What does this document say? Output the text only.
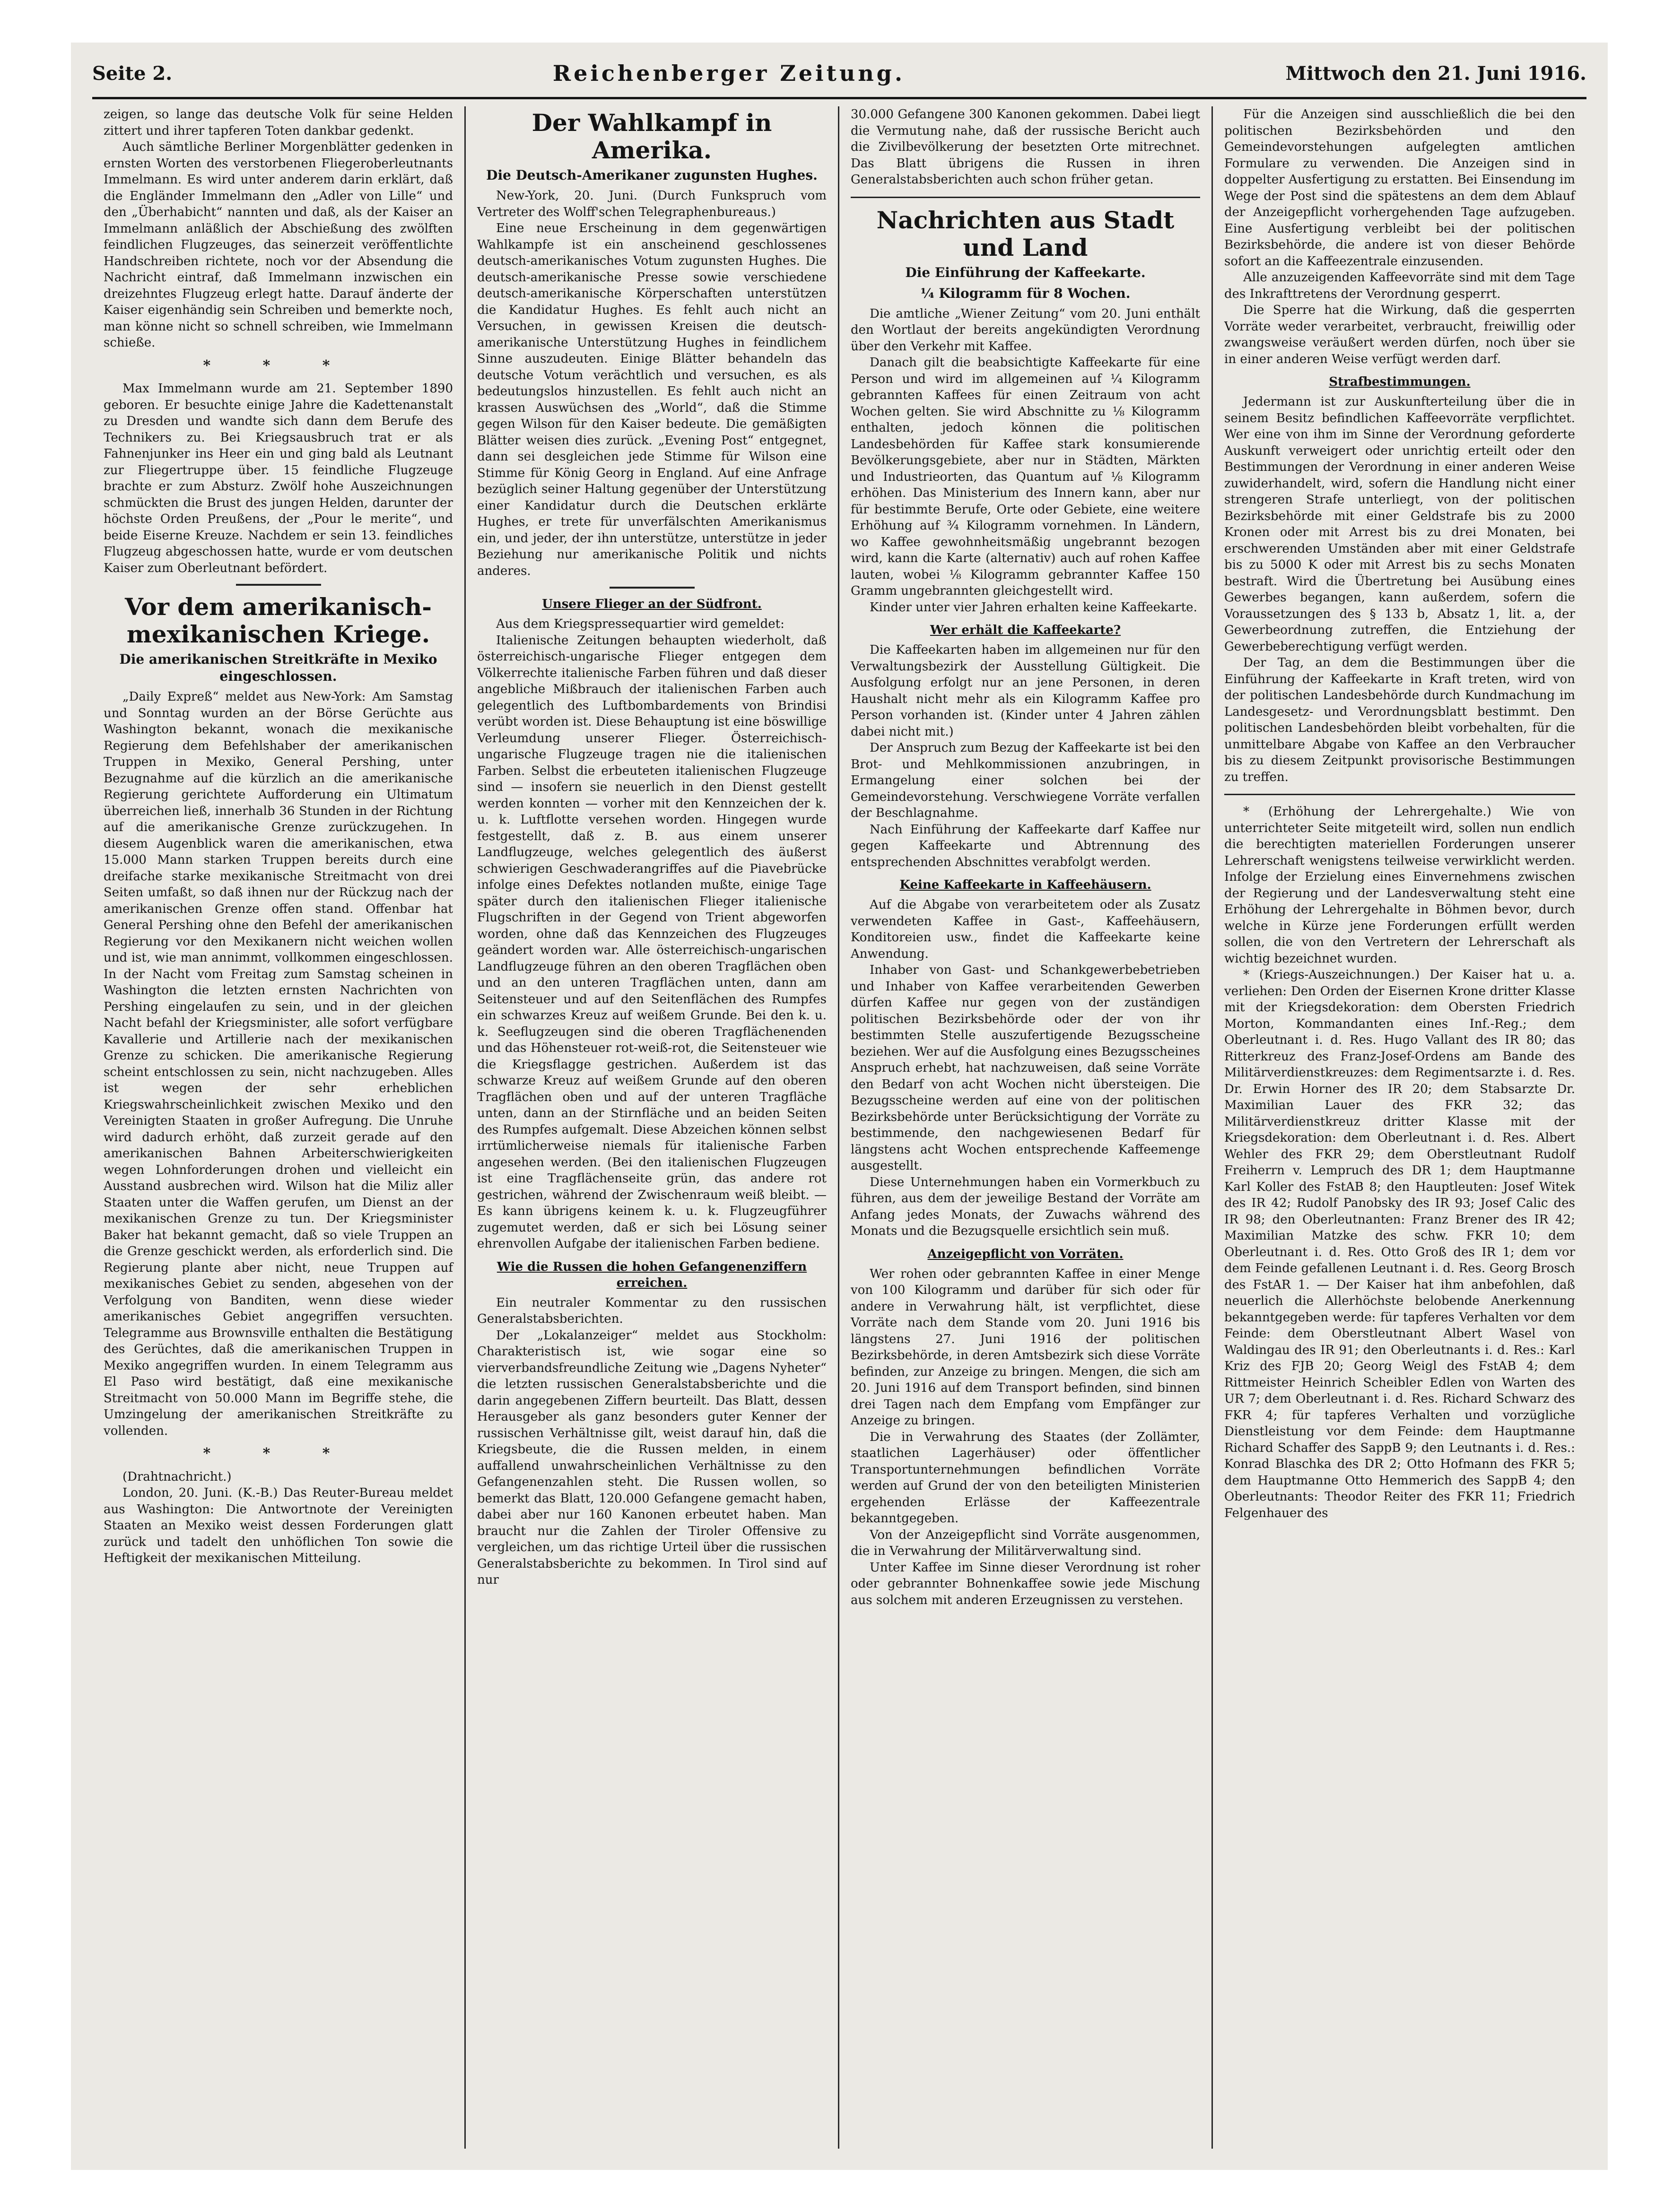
Seite 2.	Reichenberger Zeitung.	Mittwoch den 21. Juni 1916.

zeigen, so lange das deutsche Volk für seine Helden zittert und ihrer tapferen Toten dankbar gedenkt.

Auch sämtliche Berliner Morgenblätter gedenken in ernsten Worten des verstorbenen Fliegeroberleutnants Immelmann. Es wird unter anderem darin erklärt, daß die Engländer Immelmann den „Adler von Lille“ und den „Überhabicht“ nannten und daß, als der Kaiser an Immelmann anläßlich der Abschießung des zwölften feindlichen Flugzeuges, das seinerzeit veröffentlichte Handschreiben richtete, noch vor der Absendung die Nachricht eintraf, daß Immelmann inzwischen ein dreizehntes Flugzeug erlegt hatte. Darauf änderte der Kaiser eigenhändig sein Schreiben und bemerkte noch, man könne nicht so schnell schreiben, wie Immelmann schieße.

* * *

Max Immelmann wurde am 21. September 1890 geboren. Er besuchte einige Jahre die Kadettenanstalt zu Dresden und wandte sich dann dem Berufe des Technikers zu. Bei Kriegsausbruch trat er als Fahnenjunker ins Heer ein und ging bald als Leutnant zur Fliegertruppe über. 15 feindliche Flugzeuge brachte er zum Absturz. Zwölf hohe Auszeichnungen schmückten die Brust des jungen Helden, darunter der höchste Orden Preußens, der „Pour le merite“, und beide Eiserne Kreuze. Nachdem er sein 13. feindliches Flugzeug abgeschossen hatte, wurde er vom deutschen Kaiser zum Oberleutnant befördert.

Vor dem amerikanisch-mexikanischen Kriege.
Die amerikanischen Streitkräfte in Mexiko eingeschlossen.

„Daily Expreß“ meldet aus New-York: Am Samstag und Sonntag wurden an der Börse Gerüchte aus Washington bekannt, wonach die mexikanische Regierung dem Befehlshaber der amerikanischen Truppen in Mexiko, General Pershing, unter Bezugnahme auf die kürzlich an die amerikanische Regierung gerichtete Aufforderung ein Ultimatum überreichen ließ, innerhalb 36 Stunden in der Richtung auf die amerikanische Grenze zurückzugehen. In diesem Augenblick waren die amerikanischen, etwa 15.000 Mann starken Truppen bereits durch eine dreifache starke mexikanische Streitmacht von drei Seiten umfaßt, so daß ihnen nur der Rückzug nach der amerikanischen Grenze offen stand. Offenbar hat General Pershing ohne den Befehl der amerikanischen Regierung vor den Mexikanern nicht weichen wollen und ist, wie man annimmt, vollkommen eingeschlossen. In der Nacht vom Freitag zum Samstag scheinen in Washington die letzten ernsten Nachrichten von Pershing eingelaufen zu sein, und in der gleichen Nacht befahl der Kriegsminister, alle sofort verfügbare Kavallerie und Artillerie nach der mexikanischen Grenze zu schicken. Die amerikanische Regierung scheint entschlossen zu sein, nicht nachzugeben. Alles ist wegen der sehr erheblichen Kriegswahrscheinlichkeit zwischen Mexiko und den Vereinigten Staaten in großer Aufregung. Die Unruhe wird dadurch erhöht, daß zurzeit gerade auf den amerikanischen Bahnen Arbeiterschwierigkeiten wegen Lohnforderungen drohen und vielleicht ein Ausstand ausbrechen wird. Wilson hat die Miliz aller Staaten unter die Waffen gerufen, um Dienst an der mexikanischen Grenze zu tun. Der Kriegsminister Baker hat bekannt gemacht, daß so viele Truppen an die Grenze geschickt werden, als erforderlich sind. Die Regierung plante aber nicht, neue Truppen auf mexikanisches Gebiet zu senden, abgesehen von der Verfolgung von Banditen, wenn diese wieder amerikanisches Gebiet angegriffen versuchten. Telegramme aus Brownsville enthalten die Bestätigung des Gerüchtes, daß die amerikanischen Truppen in Mexiko angegriffen wurden. In einem Telegramm aus El Paso wird bestätigt, daß eine mexikanische Streitmacht von 50.000 Mann im Begriffe stehe, die Umzingelung der amerikanischen Streitkräfte zu vollenden.

* * *

(Drahtnachricht.)

London, 20. Juni. (K.-B.) Das Reuter-Bureau meldet aus Washington: Die Antwortnote der Vereinigten Staaten an Mexiko weist dessen Forderungen glatt zurück und tadelt den unhöflichen Ton sowie die Heftigkeit der mexikanischen Mitteilung.

Der Wahlkampf in Amerika.
Die Deutsch-Amerikaner zugunsten Hughes.

New-York, 20. Juni. (Durch Funkspruch vom Vertreter des Wolff'schen Telegraphenbureaus.)

Eine neue Erscheinung in dem gegenwärtigen Wahlkampfe ist ein anscheinend geschlossenes deutsch-amerikanisches Votum zugunsten Hughes. Die deutsch-amerikanische Presse sowie verschiedene deutsch-amerikanische Körperschaften unterstützen die Kandidatur Hughes. Es fehlt auch nicht an Versuchen, in gewissen Kreisen die deutsch-amerikanische Unterstützung Hughes in feindlichem Sinne auszudeuten. Einige Blätter behandeln das deutsche Votum verächtlich und versuchen, es als bedeutungslos hinzustellen. Es fehlt auch nicht an krassen Auswüchsen des „World“, daß die Stimme gegen Wilson für den Kaiser bedeute. Die gemäßigten Blätter weisen dies zurück. „Evening Post“ entgegnet, dann sei desgleichen jede Stimme für Wilson eine Stimme für König Georg in England. Auf eine Anfrage bezüglich seiner Haltung gegenüber der Unterstützung einer Kandidatur durch die Deutschen erklärte Hughes, er trete für unverfälschten Amerikanismus ein, und jeder, der ihn unterstütze, unterstütze in jeder Beziehung nur amerikanische Politik und nichts anderes.

Unsere Flieger an der Südfront.

Aus dem Kriegspressequartier wird gemeldet:

Italienische Zeitungen behaupten wiederholt, daß österreichisch-ungarische Flieger entgegen dem Völkerrechte italienische Farben führen und daß dieser angebliche Mißbrauch der italienischen Farben auch gelegentlich des Luftbombardements von Brindisi verübt worden ist. Diese Behauptung ist eine böswillige Verleumdung unserer Flieger. Österreichisch-ungarische Flugzeuge tragen nie die italienischen Farben. Selbst die erbeuteten italienischen Flugzeuge sind — insofern sie neuerlich in den Dienst gestellt werden konnten — vorher mit den Kennzeichen der k. u. k. Luftflotte versehen worden. Hingegen wurde festgestellt, daß z. B. aus einem unserer Landflugzeuge, welches gelegentlich des äußerst schwierigen Geschwaderangriffes auf die Piavebrücke infolge eines Defektes notlanden mußte, einige Tage später durch den italienischen Flieger italienische Flugschriften in der Gegend von Trient abgeworfen worden, ohne daß das Kennzeichen des Flugzeuges geändert worden war. Alle österreichisch-ungarischen Landflugzeuge führen an den oberen Tragflächen oben und an den unteren Tragflächen unten, dann am Seitensteuer und auf den Seitenflächen des Rumpfes ein schwarzes Kreuz auf weißem Grunde. Bei den k. u. k. Seeflugzeugen sind die oberen Tragflächenenden und das Höhensteuer rot-weiß-rot, die Seitensteuer wie die Kriegsflagge gestrichen. Außerdem ist das schwarze Kreuz auf weißem Grunde auf den oberen Tragflächen oben und auf der unteren Tragfläche unten, dann an der Stirnfläche und an beiden Seiten des Rumpfes aufgemalt. Diese Abzeichen können selbst irrtümlicherweise niemals für italienische Farben angesehen werden. (Bei den italienischen Flugzeugen ist eine Tragflächenseite grün, das andere rot gestrichen, während der Zwischenraum weiß bleibt. — Es kann übrigens keinem k. u. k. Flugzeugführer zugemutet werden, daß er sich bei Lösung seiner ehrenvollen Aufgabe der italienischen Farben bediene.

Wie die Russen die hohen Gefangenenziffern erreichen.

Ein neutraler Kommentar zu den russischen Generalstabsberichten.

Der „Lokalanzeiger“ meldet aus Stockholm: Charakteristisch ist, wie sogar eine so vierverbandsfreundliche Zeitung wie „Dagens Nyheter“ die letzten russischen Generalstabsberichte und die darin angegebenen Ziffern beurteilt. Das Blatt, dessen Herausgeber als ganz besonders guter Kenner der russischen Verhältnisse gilt, weist darauf hin, daß die Kriegsbeute, die die Russen melden, in einem auffallend unwahrscheinlichen Verhältnisse zu den Gefangenenzahlen steht. Die Russen wollen, so bemerkt das Blatt, 120.000 Gefangene gemacht haben, dabei aber nur 160 Kanonen erbeutet haben. Man braucht nur die Zahlen der Tiroler Offensive zu vergleichen, um das richtige Urteil über die russischen Generalstabsberichte zu bekommen. In Tirol sind auf nur

30.000 Gefangene 300 Kanonen gekommen. Dabei liegt die Vermutung nahe, daß der russische Bericht auch die Zivilbevölkerung der besetzten Orte mitrechnet. Das Blatt übrigens die Russen in ihren Generalstabsberichten auch schon früher getan.

Nachrichten aus Stadt und Land
Die Einführung der Kaffeekarte.
¼ Kilogramm für 8 Wochen.

Die amtliche „Wiener Zeitung“ vom 20. Juni enthält den Wortlaut der bereits angekündigten Verordnung über den Verkehr mit Kaffee.

Danach gilt die beabsichtigte Kaffeekarte für eine Person und wird im allgemeinen auf ¼ Kilogramm gebrannten Kaffees für einen Zeitraum von acht Wochen gelten. Sie wird Abschnitte zu ⅛ Kilogramm enthalten, jedoch können die politischen Landesbehörden für Kaffee stark konsumierende Bevölkerungsgebiete, aber nur in Städten, Märkten und Industrieorten, das Quantum auf ⅛ Kilogramm erhöhen. Das Ministerium des Innern kann, aber nur für bestimmte Berufe, Orte oder Gebiete, eine weitere Erhöhung auf ¾ Kilogramm vornehmen. In Ländern, wo Kaffee gewohnheitsmäßig ungebrannt bezogen wird, kann die Karte (alternativ) auch auf rohen Kaffee lauten, wobei ⅛ Kilogramm gebrannter Kaffee 150 Gramm ungebrannten gleichgestellt wird.

Kinder unter vier Jahren erhalten keine Kaffeekarte.

Wer erhält die Kaffeekarte?

Die Kaffeekarten haben im allgemeinen nur für den Verwaltungsbezirk der Ausstellung Gültigkeit. Die Ausfolgung erfolgt nur an jene Personen, in deren Haushalt nicht mehr als ein Kilogramm Kaffee pro Person vorhanden ist. (Kinder unter 4 Jahren zählen dabei nicht mit.)

Der Anspruch zum Bezug der Kaffeekarte ist bei den Brot- und Mehlkommissionen anzubringen, in Ermangelung einer solchen bei der Gemeindevorstehung. Verschwiegene Vorräte verfallen der Beschlagnahme.

Nach Einführung der Kaffeekarte darf Kaffee nur gegen Kaffeekarte und Abtrennung des entsprechenden Abschnittes verabfolgt werden.

Keine Kaffeekarte in Kaffeehäusern.

Auf die Abgabe von verarbeitetem oder als Zusatz verwendeten Kaffee in Gast-, Kaffeehäusern, Konditoreien usw., findet die Kaffeekarte keine Anwendung.

Inhaber von Gast- und Schankgewerbebetrieben und Inhaber von Kaffee verarbeitenden Gewerben dürfen Kaffee nur gegen von der zuständigen politischen Bezirksbehörde oder der von ihr bestimmten Stelle auszufertigende Bezugsscheine beziehen. Wer auf die Ausfolgung eines Bezugsscheines Anspruch erhebt, hat nachzuweisen, daß seine Vorräte den Bedarf von acht Wochen nicht übersteigen. Die Bezugsscheine werden auf eine von der politischen Bezirksbehörde unter Berücksichtigung der Vorräte zu bestimmende, den nachgewiesenen Bedarf für längstens acht Wochen entsprechende Kaffeemenge ausgestellt.

Diese Unternehmungen haben ein Vormerkbuch zu führen, aus dem der jeweilige Bestand der Vorräte am Anfang jedes Monats, der Zuwachs während des Monats und die Bezugsquelle ersichtlich sein muß.

Anzeigepflicht von Vorräten.

Wer rohen oder gebrannten Kaffee in einer Menge von 100 Kilogramm und darüber für sich oder für andere in Verwahrung hält, ist verpflichtet, diese Vorräte nach dem Stande vom 20. Juni 1916 bis längstens 27. Juni 1916 der politischen Bezirksbehörde, in deren Amtsbezirk sich diese Vorräte befinden, zur Anzeige zu bringen. Mengen, die sich am 20. Juni 1916 auf dem Transport befinden, sind binnen drei Tagen nach dem Empfang vom Empfänger zur Anzeige zu bringen.

Die in Verwahrung des Staates (der Zollämter, staatlichen Lagerhäuser) oder öffentlicher Transportunternehmungen befindlichen Vorräte werden auf Grund der von den beteiligten Ministerien ergehenden Erlässe der Kaffeezentrale bekanntgegeben.

Von der Anzeigepflicht sind Vorräte ausgenommen, die in Verwahrung der Militärverwaltung sind.

Unter Kaffee im Sinne dieser Verordnung ist roher oder gebrannter Bohnenkaffee sowie jede Mischung aus solchem mit anderen Erzeugnissen zu verstehen.

Für die Anzeigen sind ausschließlich die bei den politischen Bezirksbehörden und den Gemeindevorstehungen aufgelegten amtlichen Formulare zu verwenden. Die Anzeigen sind in doppelter Ausfertigung zu erstatten. Bei Einsendung im Wege der Post sind die spätestens an dem dem Ablauf der Anzeigepflicht vorhergehenden Tage aufzugeben. Eine Ausfertigung verbleibt bei der politischen Bezirksbehörde, die andere ist von dieser Behörde sofort an die Kaffeezentrale einzusenden.

Alle anzuzeigenden Kaffeevorräte sind mit dem Tage des Inkrafttretens der Verordnung gesperrt.

Die Sperre hat die Wirkung, daß die gesperrten Vorräte weder verarbeitet, verbraucht, freiwillig oder zwangsweise veräußert werden dürfen, noch über sie in einer anderen Weise verfügt werden darf.

Strafbestimmungen.

Jedermann ist zur Auskunfterteilung über die in seinem Besitz befindlichen Kaffeevorräte verpflichtet. Wer eine von ihm im Sinne der Verordnung geforderte Auskunft verweigert oder unrichtig erteilt oder den Bestimmungen der Verordnung in einer anderen Weise zuwiderhandelt, wird, sofern die Handlung nicht einer strengeren Strafe unterliegt, von der politischen Bezirksbehörde mit einer Geldstrafe bis zu 2000 Kronen oder mit Arrest bis zu drei Monaten, bei erschwerenden Umständen aber mit einer Geldstrafe bis zu 5000 K oder mit Arrest bis zu sechs Monaten bestraft. Wird die Übertretung bei Ausübung eines Gewerbes begangen, kann außerdem, sofern die Voraussetzungen des § 133 b, Absatz 1, lit. a, der Gewerbeordnung zutreffen, die Entziehung der Gewerbeberechtigung verfügt werden.

Der Tag, an dem die Bestimmungen über die Einführung der Kaffeekarte in Kraft treten, wird von der politischen Landesbehörde durch Kundmachung im Landesgesetz- und Verordnungsblatt bestimmt. Den politischen Landesbehörden bleibt vorbehalten, für die unmittelbare Abgabe von Kaffee an den Verbraucher bis zu diesem Zeitpunkt provisorische Bestimmungen zu treffen.

* (Erhöhung der Lehrergehalte.) Wie von unterrichteter Seite mitgeteilt wird, sollen nun endlich die berechtigten materiellen Forderungen unserer Lehrerschaft wenigstens teilweise verwirklicht werden. Infolge der Erzielung eines Einvernehmens zwischen der Regierung und der Landesverwaltung steht eine Erhöhung der Lehrergehalte in Böhmen bevor, durch welche in Kürze jene Forderungen erfüllt werden sollen, die von den Vertretern der Lehrerschaft als wichtig bezeichnet wurden.

* (Kriegs-Auszeichnungen.) Der Kaiser hat u. a. verliehen: Den Orden der Eisernen Krone dritter Klasse mit der Kriegsdekoration: dem Obersten Friedrich Morton, Kommandanten eines Inf.-Reg.; dem Oberleutnant i. d. Res. Hugo Vallant des IR 80; das Ritterkreuz des Franz-Josef-Ordens am Bande des Militärverdienstkreuzes: dem Regimentsarzte i. d. Res. Dr. Erwin Horner des IR 20; dem Stabsarzte Dr. Maximilian Lauer des FKR 32; das Militärverdienstkreuz dritter Klasse mit der Kriegsdekoration: dem Oberleutnant i. d. Res. Albert Wehler des FKR 29; dem Oberstleutnant Rudolf Freiherrn v. Lempruch des DR 1; dem Hauptmanne Karl Koller des FstAB 8; den Hauptleuten: Josef Witek des IR 42; Rudolf Panobsky des IR 93; Josef Calic des IR 98; den Oberleutnanten: Franz Brener des IR 42; Maximilian Matzke des schw. FKR 10; dem Oberleutnant i. d. Res. Otto Groß des IR 1; dem vor dem Feinde gefallenen Leutnant i. d. Res. Georg Brosch des FstAR 1. — Der Kaiser hat ihm anbefohlen, daß neuerlich die Allerhöchste belobende Anerkennung bekanntgegeben werde: für tapferes Verhalten vor dem Feinde: dem Oberstleutnant Albert Wasel von Waldingau des IR 91; den Oberleutnants i. d. Res.: Karl Kriz des FJB 20; Georg Weigl des FstAB 4; dem Rittmeister Heinrich Scheibler Edlen von Warten des UR 7; dem Oberleutnant i. d. Res. Richard Schwarz des FKR 4; für tapferes Verhalten und vorzügliche Dienstleistung vor dem Feinde: dem Hauptmanne Richard Schaffer des SappB 9; den Leutnants i. d. Res.: Konrad Blaschka des DR 2; Otto Hofmann des FKR 5; dem Hauptmanne Otto Hemmerich des SappB 4; den Oberleutnants: Theodor Reiter des FKR 11; Friedrich Felgenhauer des
